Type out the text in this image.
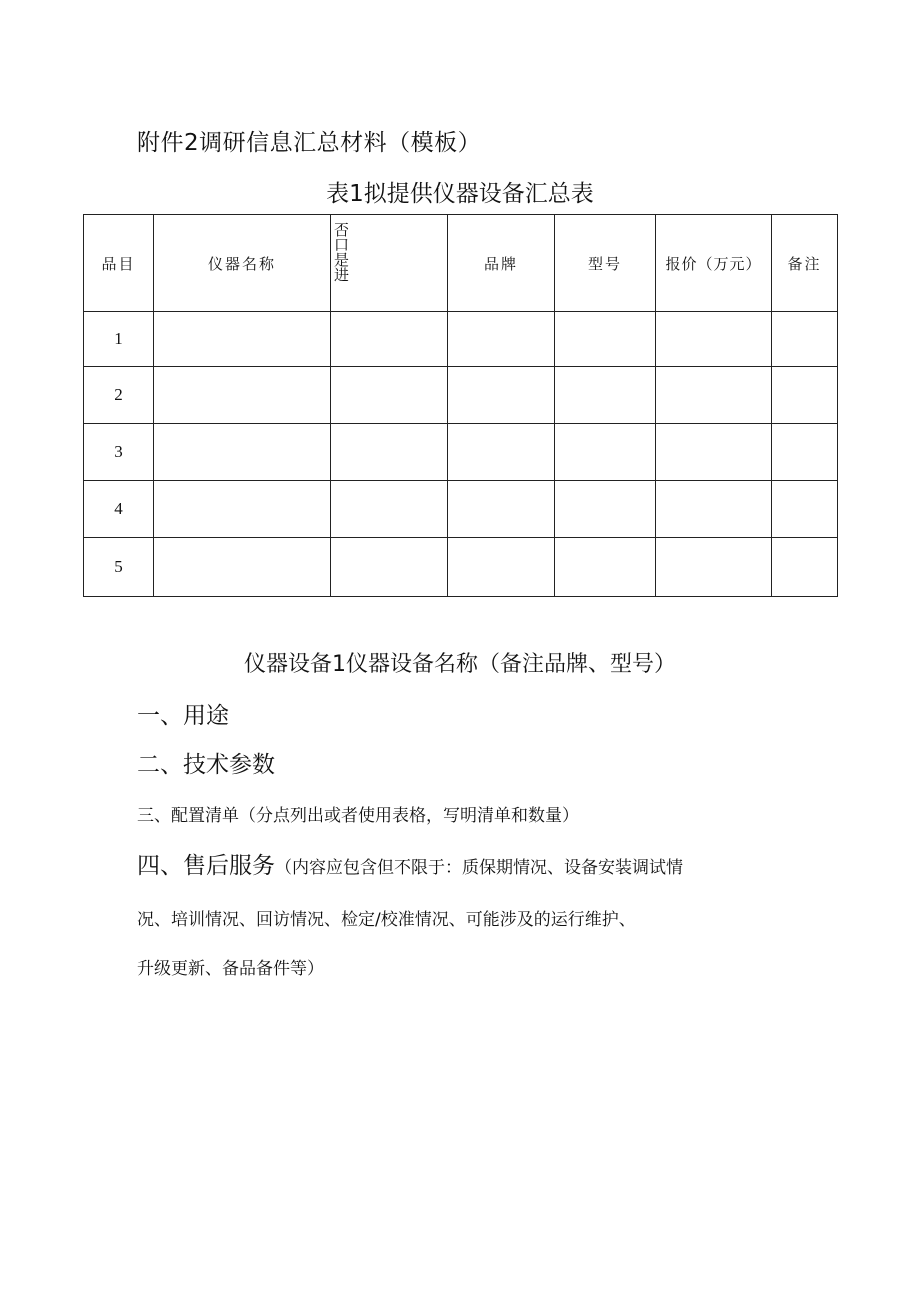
附件2调研信息汇总材料（模板）
表1拟提供仪器设备汇总表
品目	仪器名称	否口是进	品牌	型号	报价（万元）	备注
1						
2						
3						
4						
5						
仪器设备1仪器设备名称（备注品牌、型号）
一、用途
二、技术参数
三、配置清单（分点列出或者使用表格，写明清单和数量）
四、售后服务（内容应包含但不限于：质保期情况、设备安装调试情
况、培训情况、回访情况、检定/校准情况、可能涉及的运行维护、
升级更新、备品备件等）
